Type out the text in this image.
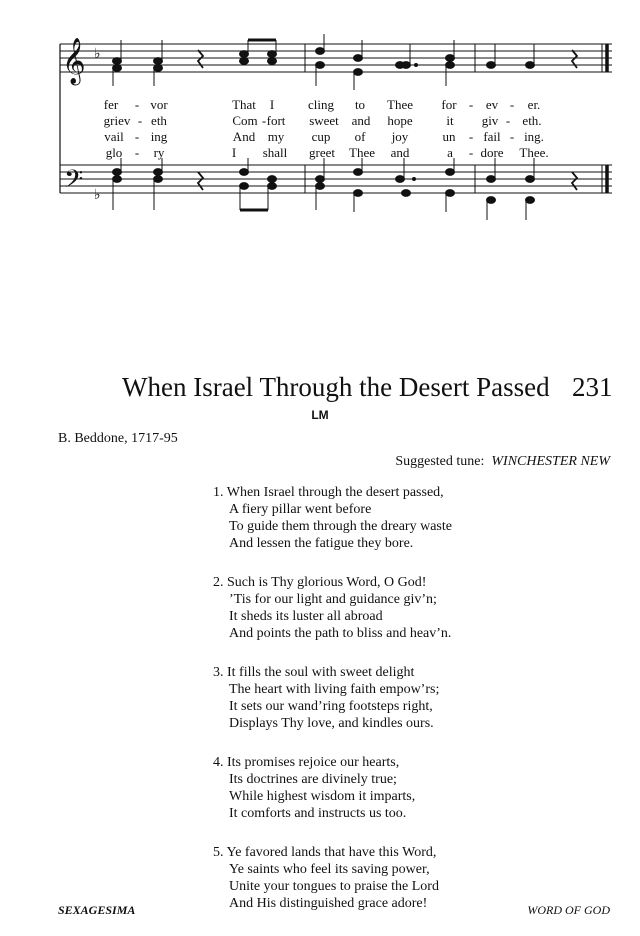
𝄞
𝄢
♭
♭
fer - vor	That I	cling to Thee for - ev - er.
griev - eth	Com - fort sweet and hope	it giv - eth.
vail - ing	And my cup of joy	un - fail - ing.
glo - ry	I shall greet Thee and	a - dore Thee.
When Israel Through the Desert Passed 231
LM
B. Beddone, 1717-95
Suggested tune: WINCHESTER NEW
1. When Israel through the desert passed,
A fiery pillar went before
To guide them through the dreary waste
And lessen the fatigue they bore.
2. Such is Thy glorious Word, O God!
’Tis for our light and guidance giv’n;
It sheds its luster all abroad
And points the path to bliss and heav’n.
3. It fills the soul with sweet delight
The heart with living faith empow’rs;
It sets our wand’ring footsteps right,
Displays Thy love, and kindles ours.
4. Its promises rejoice our hearts,
Its doctrines are divinely true;
While highest wisdom it imparts,
It comforts and instructs us too.
5. Ye favored lands that have this Word,
Ye saints who feel its saving power,
Unite your tongues to praise the Lord
And His distinguished grace adore!
SEXAGESIMA	WORD OF GOD
